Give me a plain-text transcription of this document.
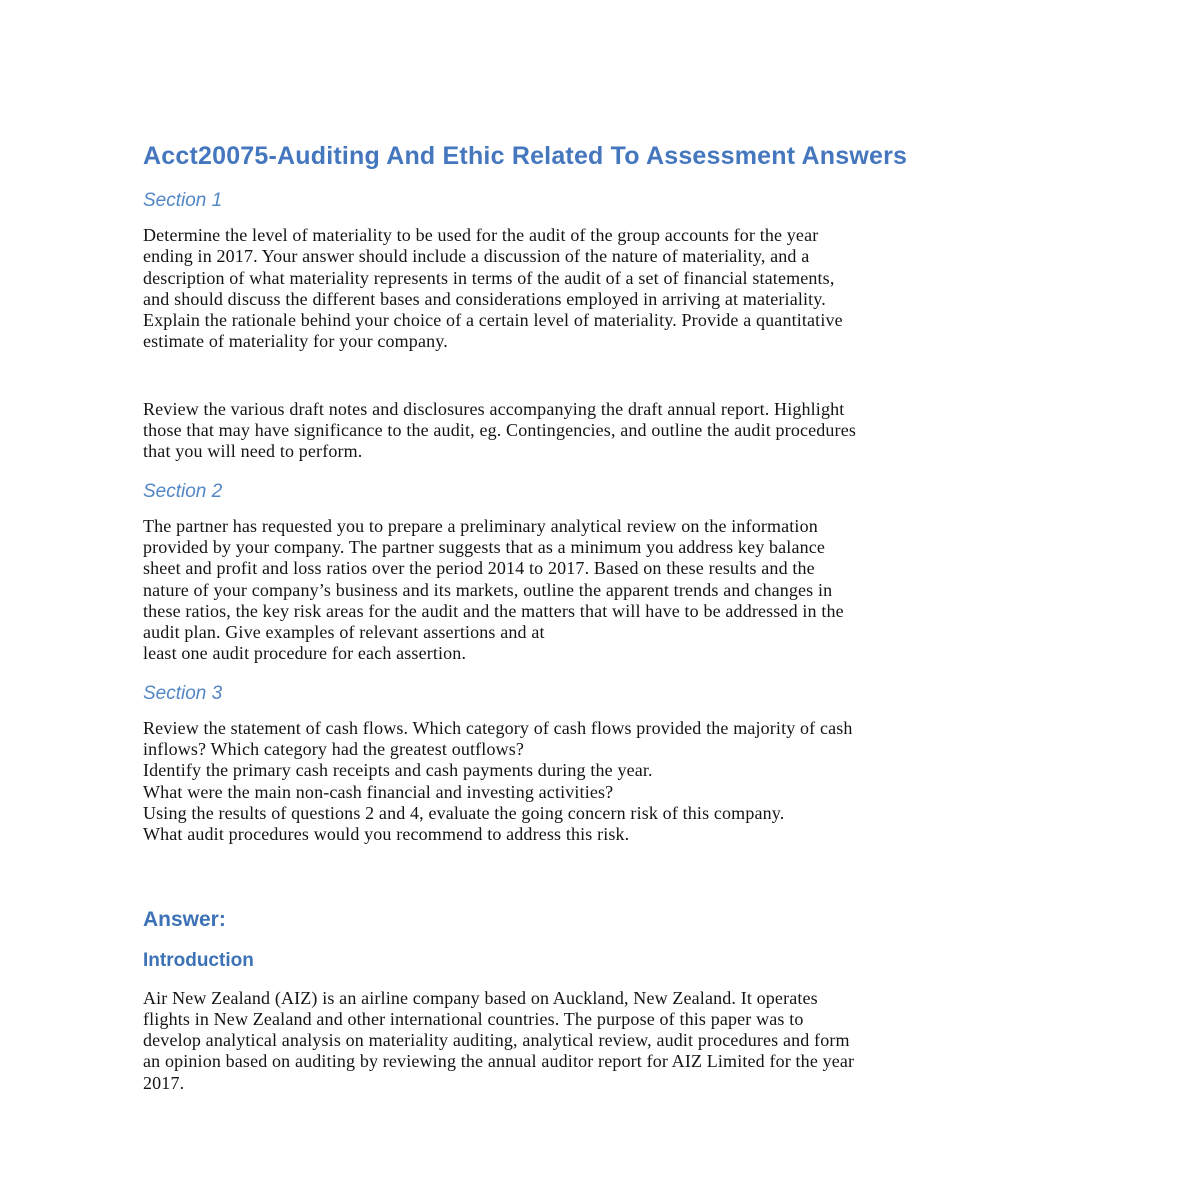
Acct20075-Auditing And Ethic Related To Assessment Answers
Section 1
Determine the level of materiality to be used for the audit of the group accounts for the year
ending in 2017. Your answer should include a discussion of the nature of materiality, and a
description of what materiality represents in terms of the audit of a set of financial statements,
and should discuss the different bases and considerations employed in arriving at materiality.
Explain the rationale behind your choice of a certain level of materiality. Provide a quantitative
estimate of materiality for your company.
Review the various draft notes and disclosures accompanying the draft annual report. Highlight
those that may have significance to the audit, eg. Contingencies, and outline the audit procedures
that you will need to perform.
Section 2
The partner has requested you to prepare a preliminary analytical review on the information
provided by your company. The partner suggests that as a minimum you address key balance
sheet and profit and loss ratios over the period 2014 to 2017. Based on these results and the
nature of your company’s business and its markets, outline the apparent trends and changes in
these ratios, the key risk areas for the audit and the matters that will have to be addressed in the
audit plan. Give examples of relevant assertions and at
least one audit procedure for each assertion.
Section 3
Review the statement of cash flows. Which category of cash flows provided the majority of cash
inflows? Which category had the greatest outflows?
Identify the primary cash receipts and cash payments during the year.
What were the main non-cash financial and investing activities?
Using the results of questions 2 and 4, evaluate the going concern risk of this company.
What audit procedures would you recommend to address this risk.
Answer:
Introduction
Air New Zealand (AIZ) is an airline company based on Auckland, New Zealand. It operates
flights in New Zealand and other international countries. The purpose of this paper was to
develop analytical analysis on materiality auditing, analytical review, audit procedures and form
an opinion based on auditing by reviewing the annual auditor report for AIZ Limited for the year
2017.
